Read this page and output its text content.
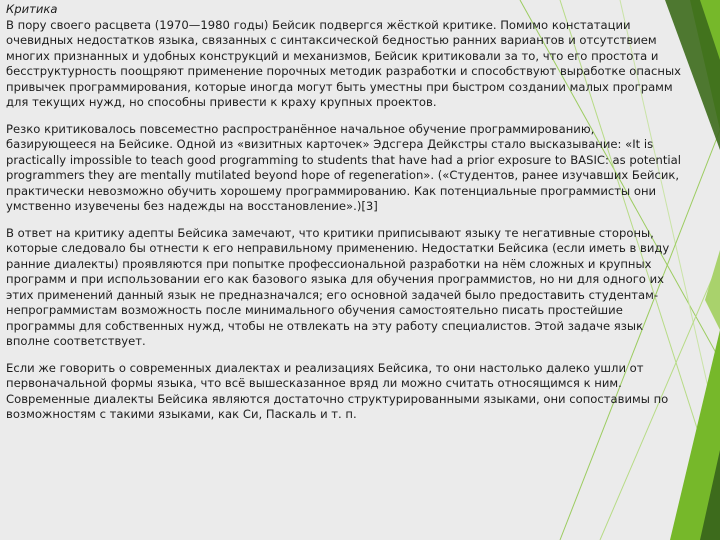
Критика

В пору своего расцвета (1970—1980 годы) Бейсик подвергся жёсткой критике. Помимо констатации очевидных недостатков языка, связанных с синтаксической бедностью ранних вариантов и отсутствием многих признанных и удобных конструкций и механизмов, Бейсик критиковали за то, что его простота и бесструктурность поощряют применение порочных методик разработки и способствуют выработке опасных привычек программирования, которые иногда могут быть уместны при быстром создании малых программ для текущих нужд, но способны привести к краху крупных проектов.

Резко критиковалось повсеместно распространённое начальное обучение программированию, базирующееся на Бейсике. Одной из «визитных карточек» Эдсгера Дейкстры стало высказывание: «It is practically impossible to teach good programming to students that have had a prior exposure to BASIC: as potential programmers they are mentally mutilated beyond hope of regeneration». («Студентов, ранее изучавших Бейсик, практически невозможно обучить хорошему программированию. Как потенциальные программисты они умственно изувечены без надежды на восстановление».)[3]

В ответ на критику адепты Бейсика замечают, что критики приписывают языку те негативные стороны, которые следовало бы отнести к его неправильному применению. Недостатки Бейсика (если иметь в виду ранние диалекты) проявляются при попытке профессиональной разработки на нём сложных и крупных программ и при использовании его как базового языка для обучения программистов, но ни для одного их этих применений данный язык не предназначался; его основной задачей было предоставить студентам-непрограммистам возможность после минимального обучения самостоятельно писать простейшие программы для собственных нужд, чтобы не отвлекать на эту работу специалистов. Этой задаче язык вполне соответствует.

Если же говорить о современных диалектах и реализациях Бейсика, то они настолько далеко ушли от первоначальной формы языка, что всё вышесказанное вряд ли можно считать относящимся к ним. Современные диалекты Бейсика являются достаточно структурированными языками, они сопоставимы по возможностям с такими языками, как Си, Паскаль и т. п.
